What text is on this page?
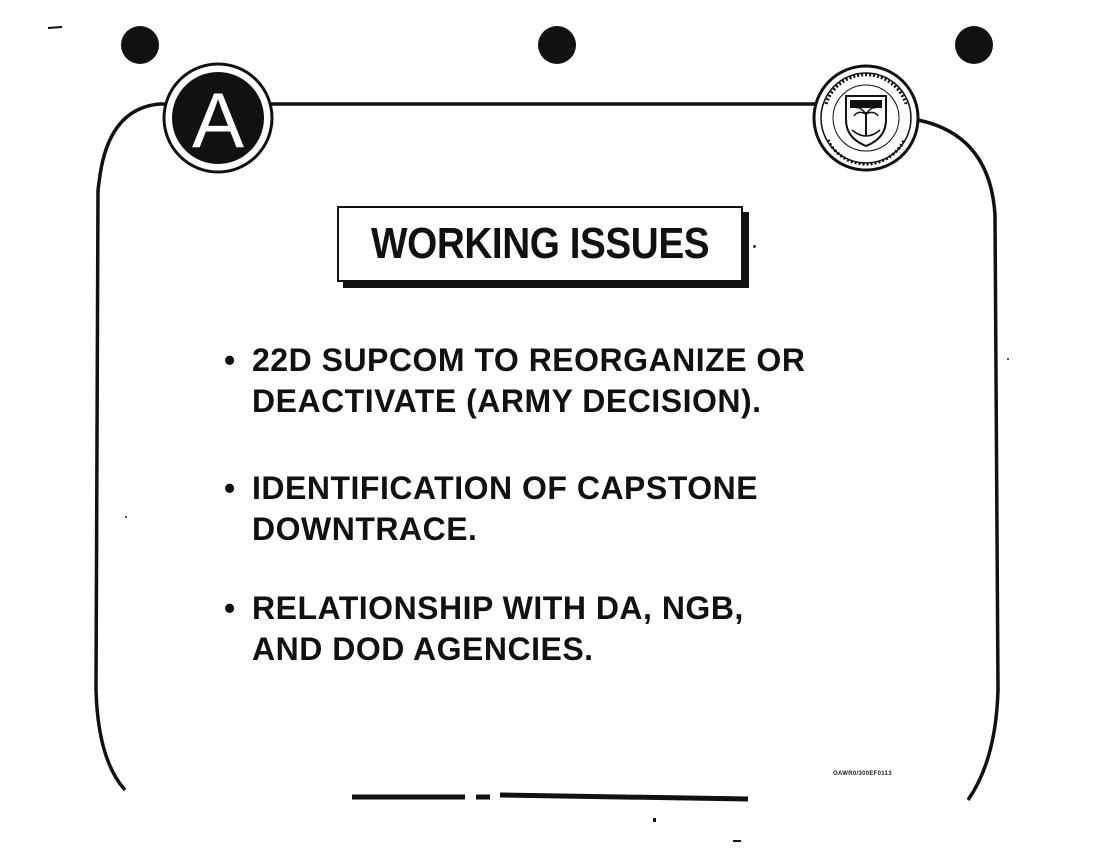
A
WORKING ISSUES
• 22D SUPCOM TO REORGANIZE OR
DEACTIVATE (ARMY DECISION).
• IDENTIFICATION OF CAPSTONE
DOWNTRACE.
• RELATIONSHIP WITH DA, NGB,
AND DOD AGENCIES.
OAWR0/300EF0113
